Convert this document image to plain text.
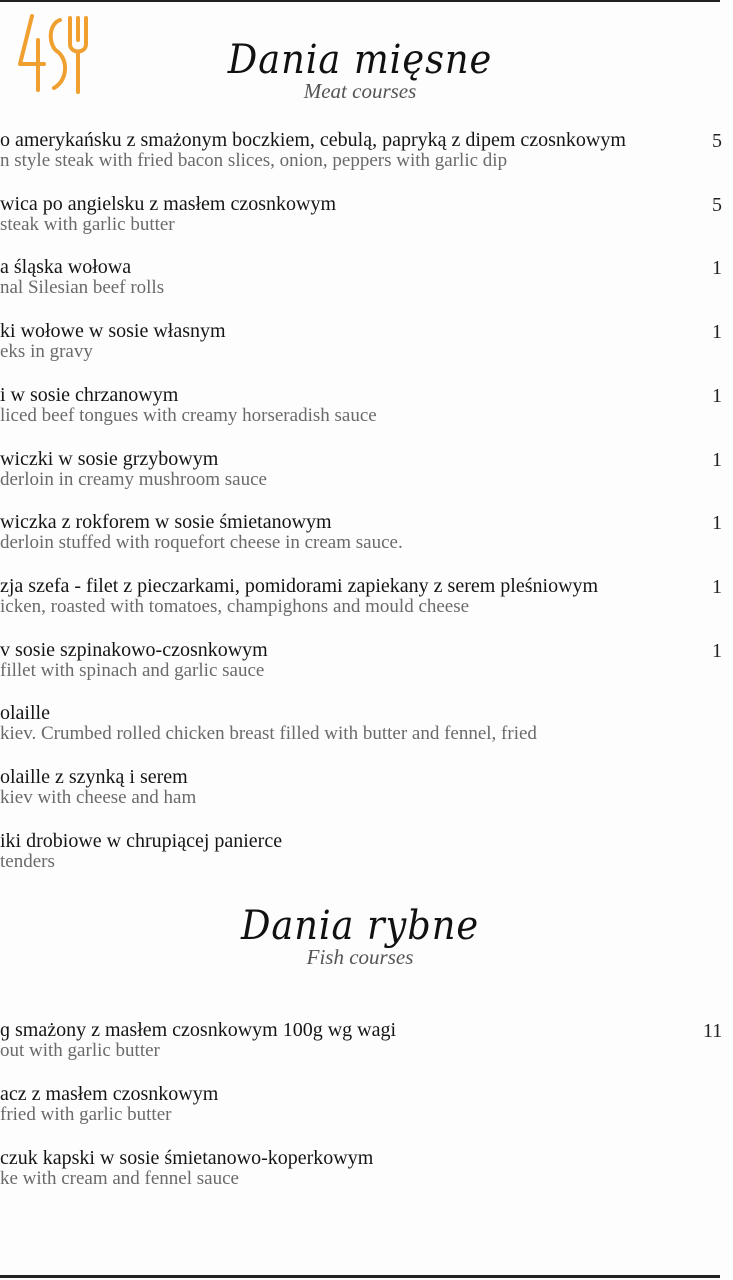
Dania mięsne
Meat courses
o amerykańsku z smażonym boczkiem, cebulą, papryką z dipem czosnkowym
n style steak with fried bacon slices, onion, peppers with garlic dip
5
wica po angielsku z masłem czosnkowym
steak with garlic butter
5
a śląska wołowa
nal Silesian beef rolls
1
ki wołowe w sosie własnym
eks in gravy
1
i w sosie chrzanowym
liced beef tongues with creamy horseradish sauce
1
wiczki w sosie grzybowym
derloin in creamy mushroom sauce
1
wiczka z rokforem w sosie śmietanowym
derloin stuffed with roquefort cheese in cream sauce.
1
zja szefa - filet z pieczarkami, pomidorami zapiekany z serem pleśniowym
icken, roasted with tomatoes, champighons and mould cheese
1
v sosie szpinakowo-czosnkowym
fillet with spinach and garlic sauce
1
olaille
kiev. Crumbed rolled chicken breast filled with butter and fennel, fried
olaille z szynką i serem
kiev with cheese and ham
iki drobiowe w chrupiącej panierce
tenders
Dania rybne
Fish courses
ɡ smażony z masłem czosnkowym 100g wg wagi
out with garlic butter
11
acz z masłem czosnkowym
fried with garlic butter
czuk kapski w sosie śmietanowo-koperkowym
ke with cream and fennel sauce
